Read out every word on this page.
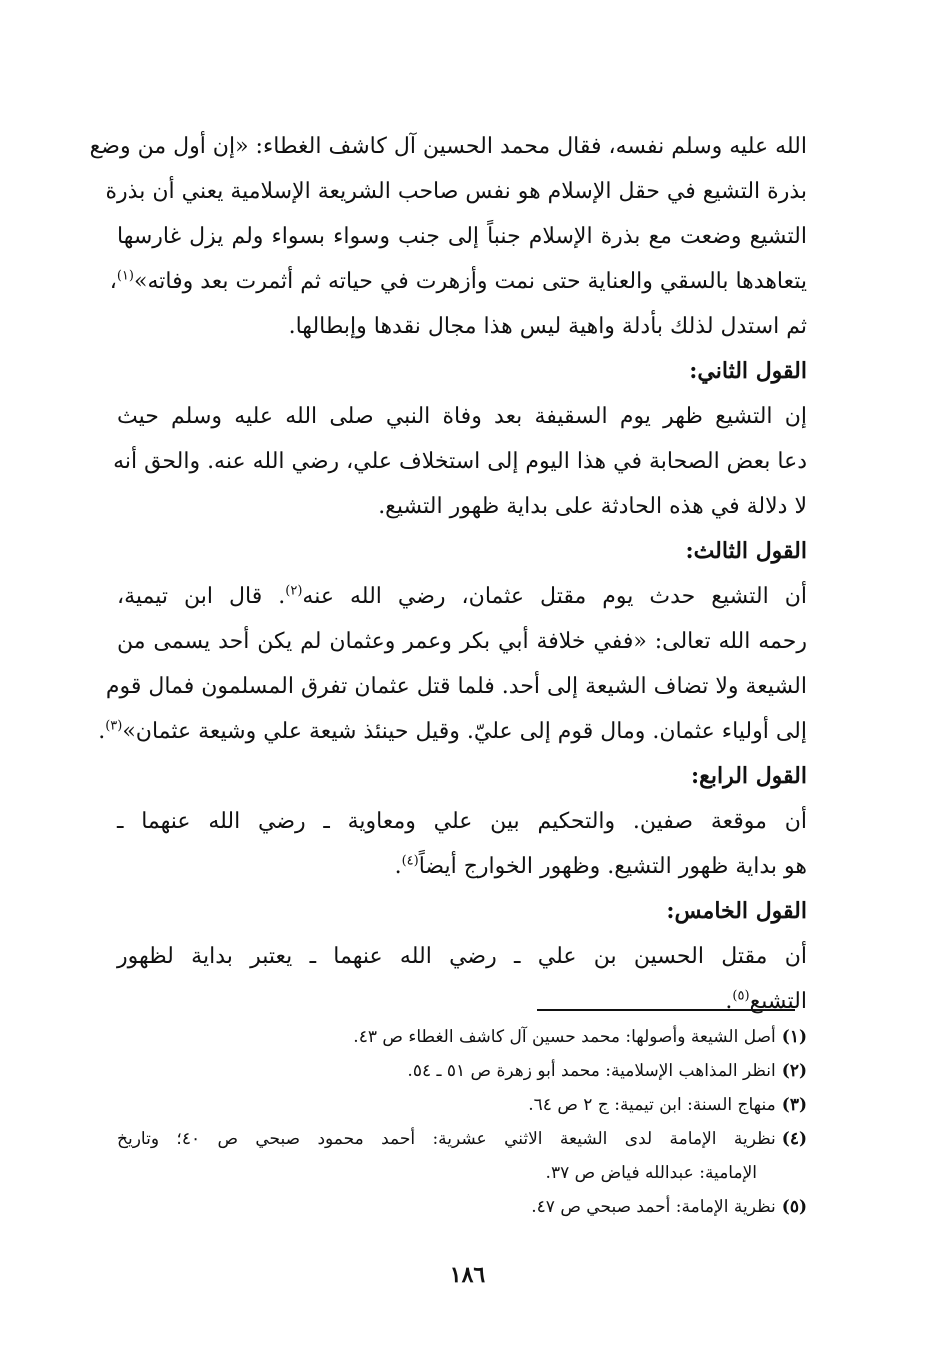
الله عليه وسلم نفسه، فقال محمد الحسين آل كاشف الغطاء: «إن أول من وضع
بذرة التشيع في حقل الإسلام هو نفس صاحب الشريعة الإسلامية يعني أن بذرة
التشيع وضعت مع بذرة الإسلام جنباً إلى جنب وسواء بسواء ولم يزل غارسها
يتعاهدها بالسقي والعناية حتى نمت وأزهرت في حياته ثم أثمرت بعد وفاته»$^{(١)}$،
ثم استدل لذلك بأدلة واهية ليس هذا مجال نقدها وإبطالها.
القول الثاني:
إن التشيع ظهر يوم السقيفة بعد وفاة النبي صلى الله عليه وسلم حيث
دعا بعض الصحابة في هذا اليوم إلى استخلاف علي، رضي الله عنه. والحق أنه
لا دلالة في هذه الحادثة على بداية ظهور التشيع.
القول الثالث:
أن التشيع حدث يوم مقتل عثمان، رضي الله عنه$^{(٢)}$. قال ابن تيمية،
رحمه الله تعالى: «ففي خلافة أبي بكر وعمر وعثمان لم يكن أحد يسمى من
الشيعة ولا تضاف الشيعة إلى أحد. فلما قتل عثمان تفرق المسلمون فمال قوم
إلى أولياء عثمان. ومال قوم إلى عليّ. وقيل حينئذ شيعة علي وشيعة عثمان»$^{(٣)}$.
القول الرابع:
أن موقعة صفين. والتحكيم بين علي ومعاوية ـ رضي الله عنهما ـ
هو بداية ظهور التشيع. وظهور الخوارج أيضاً$^{(٤)}$.
القول الخامس:
أن مقتل الحسين بن علي ـ رضي الله عنهما ـ يعتبر بداية لظهور
التشيع$^{(٥)}$.
(١)أصل الشيعة وأصولها: محمد حسين آل كاشف الغطاء ص ٤٣.
(٢)انظر المذاهب الإسلامية: محمد أبو زهرة ص ٥١ ـ ٥٤.
(٣)منهاج السنة: ابن تيمية: ج ٢ ص ٦٤.
(٤)نظرية الإمامة لدى الشيعة الاثني عشرية: أحمد محمود صبحي ص ٤٠؛ وتاريخ
الإمامية: عبدالله فياض ص ٣٧.
(٥)نظرية الإمامة: أحمد صبحي ص ٤٧.
١٨٦
